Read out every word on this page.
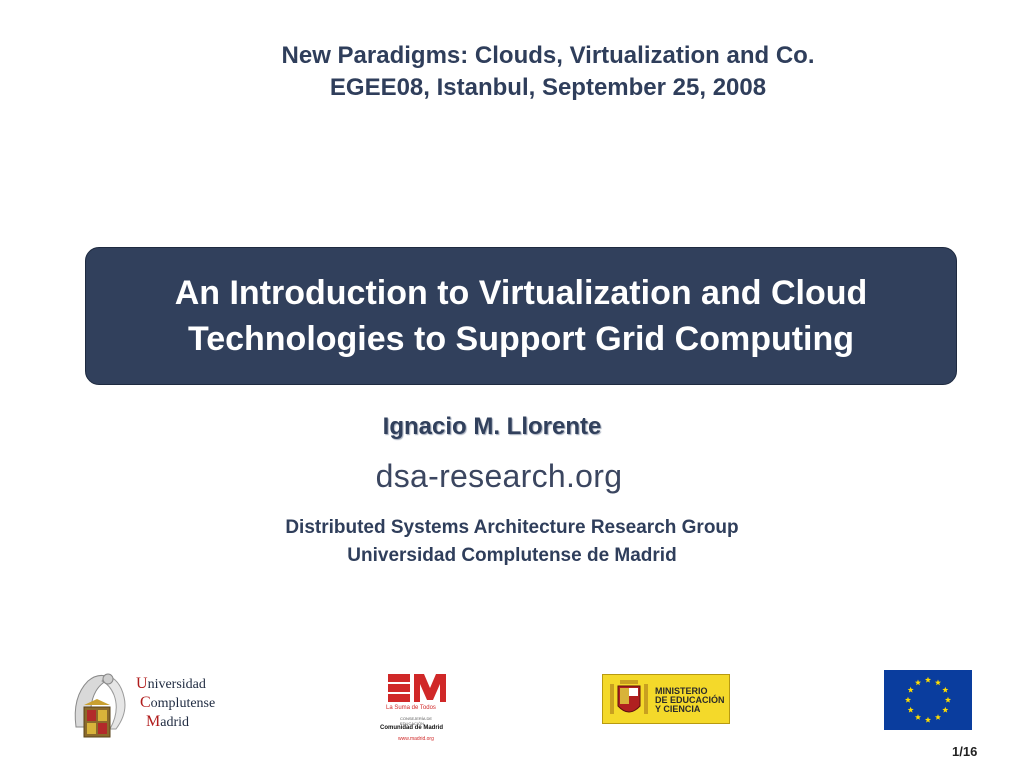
New Paradigms: Clouds, Virtualization and Co.
EGEE08, Istanbul, September 25, 2008
An Introduction to Virtualization and Cloud
Technologies to Support Grid Computing
Ignacio M. Llorente
dsa-research.org
Distributed Systems Architecture Research Group
Universidad Complutense de Madrid
Universidad
Complutense
Madrid
La Suma de Todos
CONSEJERÍA DE EDUCACIÓN
Comunidad de Madrid
www.madrid.org
MINISTERIO
DE EDUCACIÓN
Y CIENCIA
1/16
